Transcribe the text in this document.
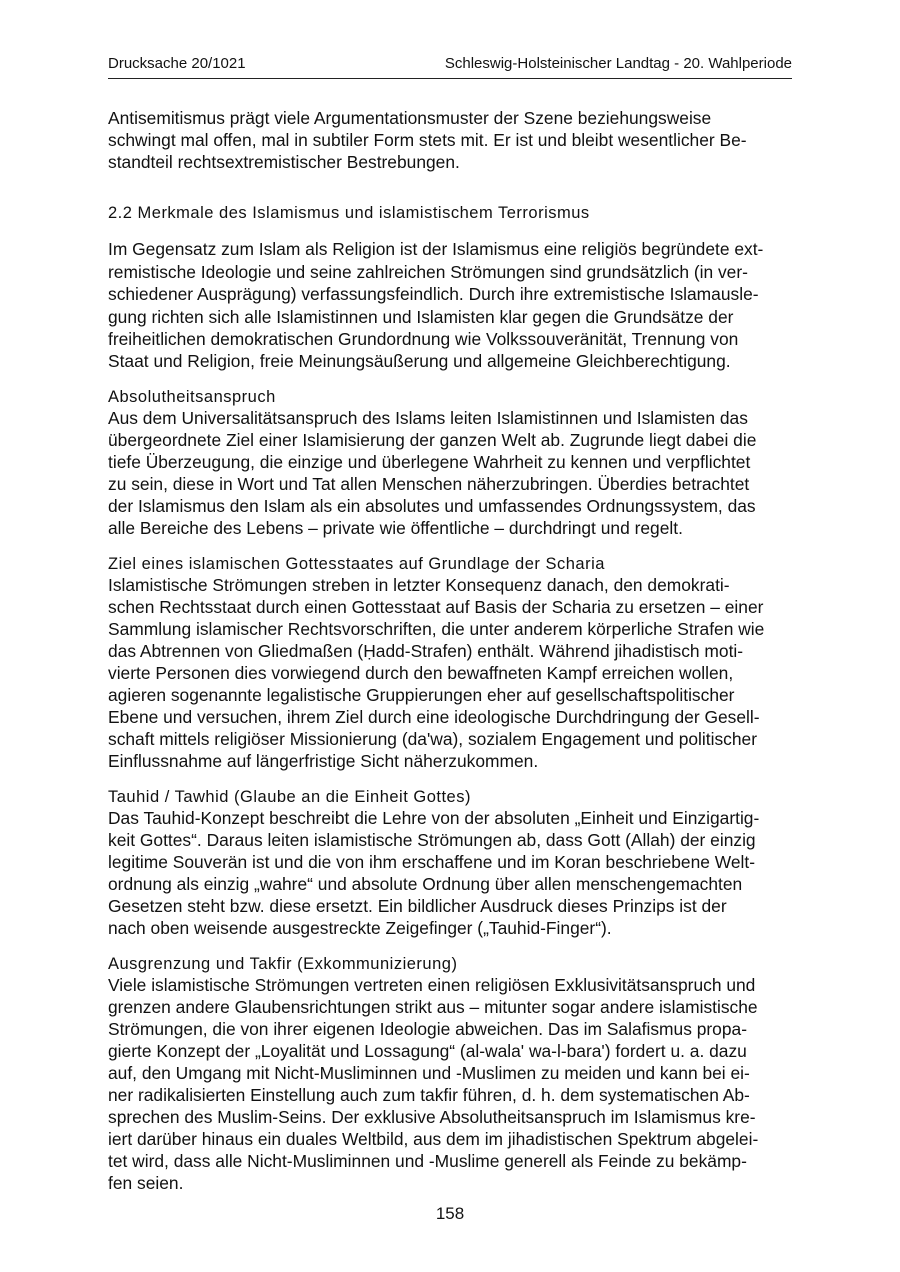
Drucksache 20/1021	Schleswig-Holsteinischer Landtag - 20. Wahlperiode
Antisemitismus prägt viele Argumentationsmuster der Szene beziehungsweise
schwingt mal offen, mal in subtiler Form stets mit. Er ist und bleibt wesentlicher Be-
standteil rechtsextremistischer Bestrebungen.
2.2 Merkmale des Islamismus und islamistischem Terrorismus
Im Gegensatz zum Islam als Religion ist der Islamismus eine religiös begründete ext-
remistische Ideologie und seine zahlreichen Strömungen sind grundsätzlich (in ver-
schiedener Ausprägung) verfassungsfeindlich. Durch ihre extremistische Islamausle-
gung richten sich alle Islamistinnen und Islamisten klar gegen die Grundsätze der
freiheitlichen demokratischen Grundordnung wie Volkssouveränität, Trennung von
Staat und Religion, freie Meinungsäußerung und allgemeine Gleichberechtigung.
Absolutheitsanspruch
Aus dem Universalitätsanspruch des Islams leiten Islamistinnen und Islamisten das
übergeordnete Ziel einer Islamisierung der ganzen Welt ab. Zugrunde liegt dabei die
tiefe Überzeugung, die einzige und überlegene Wahrheit zu kennen und verpflichtet
zu sein, diese in Wort und Tat allen Menschen näherzubringen. Überdies betrachtet
der Islamismus den Islam als ein absolutes und umfassendes Ordnungssystem, das
alle Bereiche des Lebens – private wie öffentliche – durchdringt und regelt.
Ziel eines islamischen Gottesstaates auf Grundlage der Scharia
Islamistische Strömungen streben in letzter Konsequenz danach, den demokrati-
schen Rechtsstaat durch einen Gottesstaat auf Basis der Scharia zu ersetzen – einer
Sammlung islamischer Rechtsvorschriften, die unter anderem körperliche Strafen wie
das Abtrennen von Gliedmaßen (Ḥadd-Strafen) enthält. Während jihadistisch moti-
vierte Personen dies vorwiegend durch den bewaffneten Kampf erreichen wollen,
agieren sogenannte legalistische Gruppierungen eher auf gesellschaftspolitischer
Ebene und versuchen, ihrem Ziel durch eine ideologische Durchdringung der Gesell-
schaft mittels religiöser Missionierung (da'wa), sozialem Engagement und politischer
Einflussnahme auf längerfristige Sicht näherzukommen.
Tauhid / Tawhid (Glaube an die Einheit Gottes)
Das Tauhid-Konzept beschreibt die Lehre von der absoluten „Einheit und Einzigartig-
keit Gottes“. Daraus leiten islamistische Strömungen ab, dass Gott (Allah) der einzig
legitime Souverän ist und die von ihm erschaffene und im Koran beschriebene Welt-
ordnung als einzig „wahre“ und absolute Ordnung über allen menschengemachten
Gesetzen steht bzw. diese ersetzt. Ein bildlicher Ausdruck dieses Prinzips ist der
nach oben weisende ausgestreckte Zeigefinger („Tauhid-Finger“).
Ausgrenzung und Takfir (Exkommunizierung)
Viele islamistische Strömungen vertreten einen religiösen Exklusivitätsanspruch und
grenzen andere Glaubensrichtungen strikt aus – mitunter sogar andere islamistische
Strömungen, die von ihrer eigenen Ideologie abweichen. Das im Salafismus propa-
gierte Konzept der „Loyalität und Lossagung“ (al-wala' wa-l-bara') fordert u. a. dazu
auf, den Umgang mit Nicht-Musliminnen und -Muslimen zu meiden und kann bei ei-
ner radikalisierten Einstellung auch zum takfir führen, d. h. dem systematischen Ab-
sprechen des Muslim-Seins. Der exklusive Absolutheitsanspruch im Islamismus kre-
iert darüber hinaus ein duales Weltbild, aus dem im jihadistischen Spektrum abgelei-
tet wird, dass alle Nicht-Musliminnen und -Muslime generell als Feinde zu bekämp-
fen seien.
158
